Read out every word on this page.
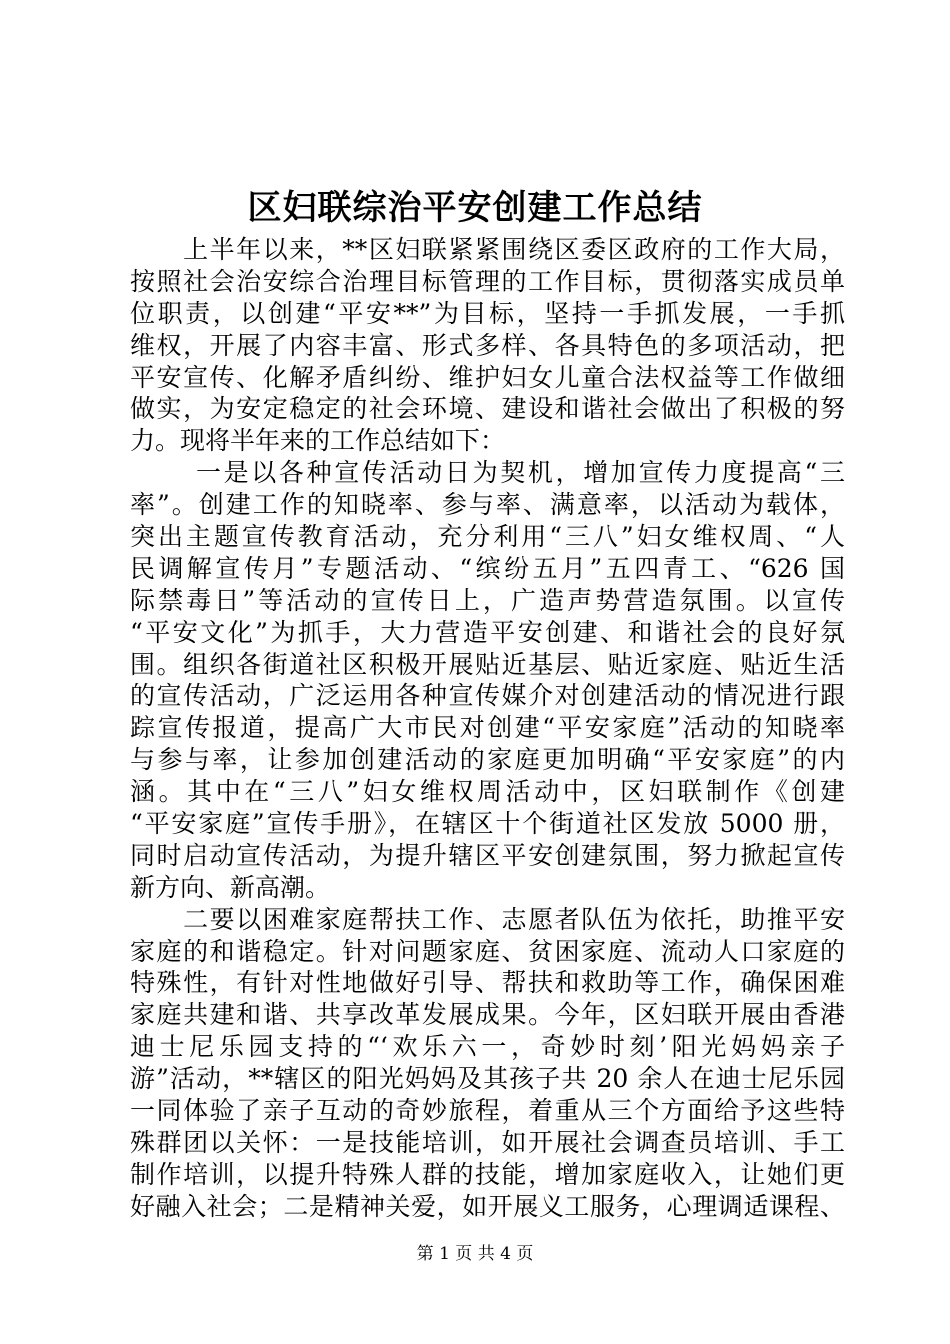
区妇联综治平安创建工作总结
　　上半年以来，**区妇联紧紧围绕区委区政府的工作大局，
按照社会治安综合治理目标管理的工作目标，贯彻落实成员单
位职责，以创建“平安**”为目标，坚持一手抓发展，一手抓
维权，开展了内容丰富、形式多样、各具特色的多项活动，把
平安宣传、化解矛盾纠纷、维护妇女儿童合法权益等工作做细
做实，为安定稳定的社会环境、建设和谐社会做出了积极的努
力。现将半年来的工作总结如下：
　　 一是以各种宣传活动日为契机，增加宣传力度提高“三
率”。创建工作的知晓率、参与率、满意率，以活动为载体，
突出主题宣传教育活动，充分利用“三八”妇女维权周、“人
民调解宣传月”专题活动、“缤纷五月”五四青工、“626 国
际禁毒日”等活动的宣传日上，广造声势营造氛围。以宣传
“平安文化”为抓手，大力营造平安创建、和谐社会的良好氛
围。组织各街道社区积极开展贴近基层、贴近家庭、贴近生活
的宣传活动，广泛运用各种宣传媒介对创建活动的情况进行跟
踪宣传报道，提高广大市民对创建“平安家庭”活动的知晓率
与参与率，让参加创建活动的家庭更加明确“平安家庭”的内
涵。其中在“三八”妇女维权周活动中，区妇联制作《创建
“平安家庭”宣传手册》，在辖区十个街道社区发放 5000 册，
同时启动宣传活动，为提升辖区平安创建氛围，努力掀起宣传
新方向、新高潮。
　　二要以困难家庭帮扶工作、志愿者队伍为依托，助推平安
家庭的和谐稳定。针对问题家庭、贫困家庭、流动人口家庭的
特殊性，有针对性地做好引导、帮扶和救助等工作，确保困难
家庭共建和谐、共享改革发展成果。今年，区妇联开展由香港
迪士尼乐园支持的“‘欢乐六一，奇妙时刻’阳光妈妈亲子
游”活动，**辖区的阳光妈妈及其孩子共 20 余人在迪士尼乐园
一同体验了亲子互动的奇妙旅程，着重从三个方面给予这些特
殊群团以关怀：一是技能培训，如开展社会调查员培训、手工
制作培训，以提升特殊人群的技能，增加家庭收入，让她们更
好融入社会；二是精神关爱，如开展义工服务，心理调适课程、
第 1 页 共 4 页
